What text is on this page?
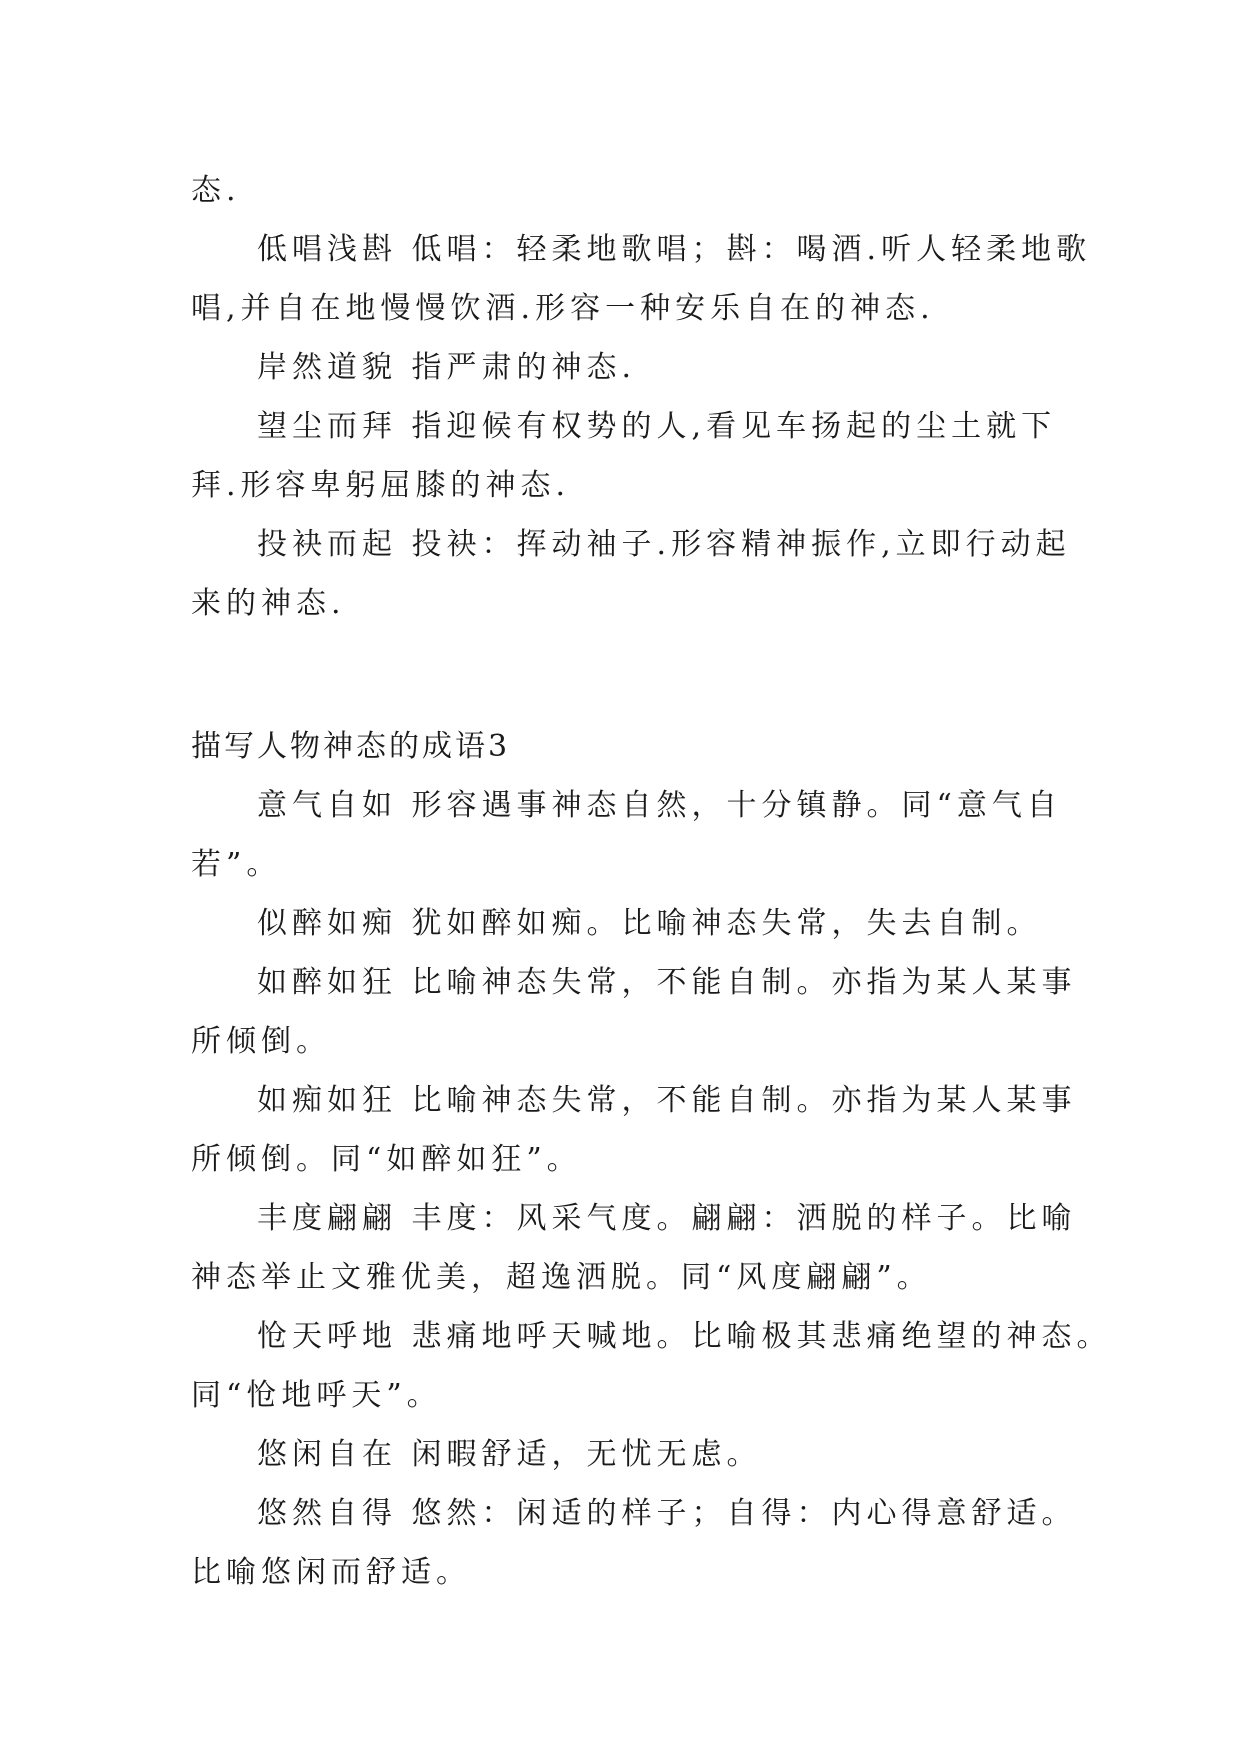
态.
低唱浅斟 低唱：轻柔地歌唱；斟：喝酒.听人轻柔地歌
唱,并自在地慢慢饮酒.形容一种安乐自在的神态.
岸然道貌 指严肃的神态.
望尘而拜 指迎候有权势的人,看见车扬起的尘土就下
拜.形容卑躬屈膝的神态.
投袂而起 投袂：挥动袖子.形容精神振作,立即行动起
来的神态.
描写人物神态的成语3
意气自如 形容遇事神态自然，十分镇静。同“意气自
若”。
似醉如痴 犹如醉如痴。比喻神态失常，失去自制。
如醉如狂 比喻神态失常，不能自制。亦指为某人某事
所倾倒。
如痴如狂 比喻神态失常，不能自制。亦指为某人某事
所倾倒。同“如醉如狂”。
丰度翩翩 丰度：风采气度。翩翩：洒脱的样子。比喻
神态举止文雅优美，超逸洒脱。同“风度翩翩”。
怆天呼地 悲痛地呼天喊地。比喻极其悲痛绝望的神态。
同“怆地呼天”。
悠闲自在 闲暇舒适，无忧无虑。
悠然自得 悠然：闲适的样子；自得：内心得意舒适。
比喻悠闲而舒适。
